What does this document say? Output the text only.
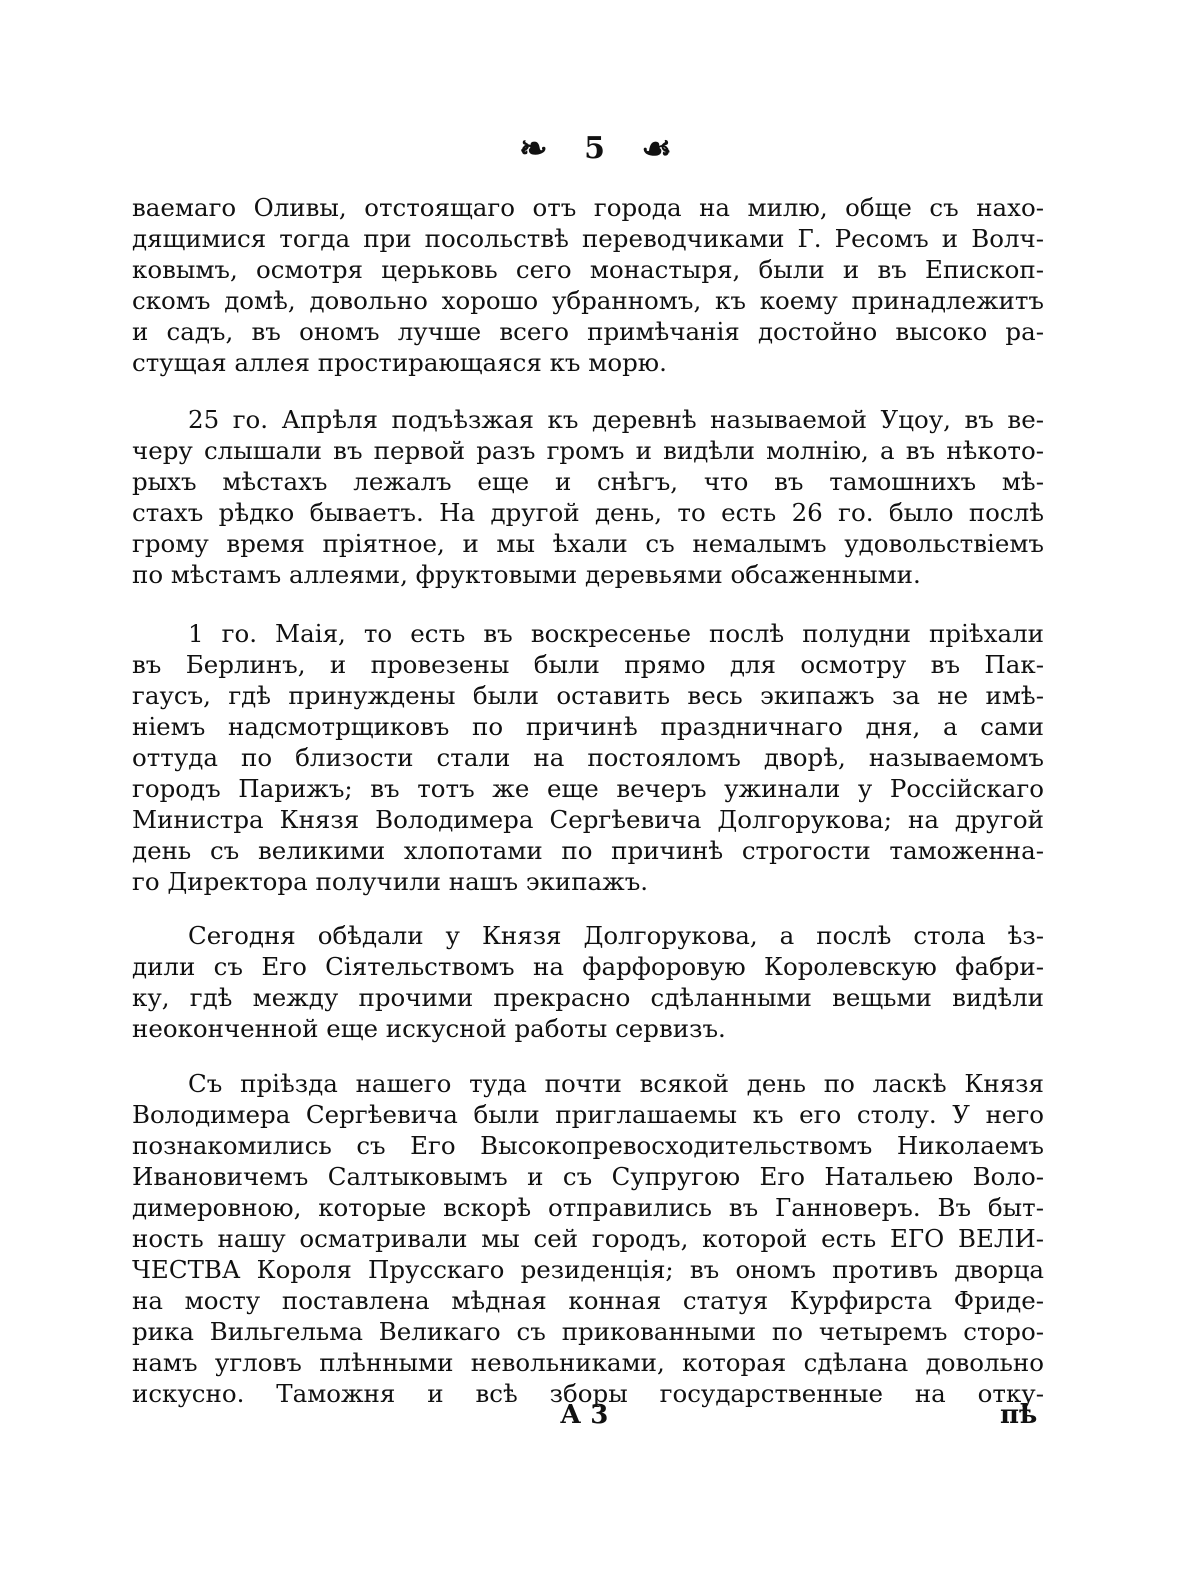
❧ 5 ☙
ваемаго Оливы, отстоящаго отъ города на милю, обще съ нахо-
дящимися тогда при посольствѣ переводчиками Г. Ресомъ и Волч-
ковымъ, осмотря церьковь сего монастыря, были и въ Епископ-
скомъ домѣ, довольно хорошо убранномъ, къ коему принадлежитъ
и садъ, въ ономъ лучше всего примѣчанія достойно высоко ра-
стущая аллея простирающаяся къ морю.
25 го. Апрѣля подъѣзжая къ деревнѣ называемой Уцоу, въ ве-
черу слышали въ первой разъ громъ и видѣли молнію, а въ нѣкото-
рыхъ мѣстахъ лежалъ еще и снѣгъ, что въ тамошнихъ мѣ-
стахъ рѣдко бываетъ. На другой день, то есть 26 го. было послѣ
грому время пріятное, и мы ѣхали съ немалымъ удовольствіемъ
по мѣстамъ аллеями, фруктовыми деревьями обсаженными.
1 го. Маія, то есть въ воскресенье послѣ полудни пріѣхали
въ Берлинъ, и провезены были прямо для осмотру въ Пак-
гаусъ, гдѣ принуждены были оставить весь экипажъ за не имѣ-
ніемъ надсмотрщиковъ по причинѣ праздничнаго дня, а сами
оттуда по близости стали на постояломъ дворѣ, называемомъ
городъ Парижъ; въ тотъ же еще вечеръ ужинали у Россійскаго
Министра Князя Володимера Сергѣевича Долгорукова; на другой
день съ великими хлопотами по причинѣ строгости таможенна-
го Директора получили нашъ экипажъ.
Сегодня обѣдали у Князя Долгорукова, а послѣ стола ѣз-
дили съ Его Сіятельствомъ на фарфоровую Королевскую фабри-
ку, гдѣ между прочими прекрасно сдѣланными вещьми видѣли
неоконченной еще искусной работы сервизъ.
Съ пріѣзда нашего туда почти всякой день по ласкѣ Князя
Володимера Сергѣевича были приглашаемы къ его столу. У него
познакомились съ Его Высокопревосходительствомъ Николаемъ
Ивановичемъ Салтыковымъ и съ Супругою Его Натальею Воло-
димеровною, которые вскорѣ отправились въ Ганноверъ. Въ быт-
ность нашу осматривали мы сей городъ, которой есть ЕГО ВЕЛИ-
ЧЕСТВА Короля Прусскаго резиденція; въ ономъ противъ дворца
на мосту поставлена мѣдная конная статуя Курфирста Фриде-
рика Вильгельма Великаго съ прикованными по четыремъ сторо-
намъ угловъ плѣнными невольниками, которая сдѣлана довольно
искусно. Таможня и всѣ зборы государственные на отку-
А 3	пѣ
